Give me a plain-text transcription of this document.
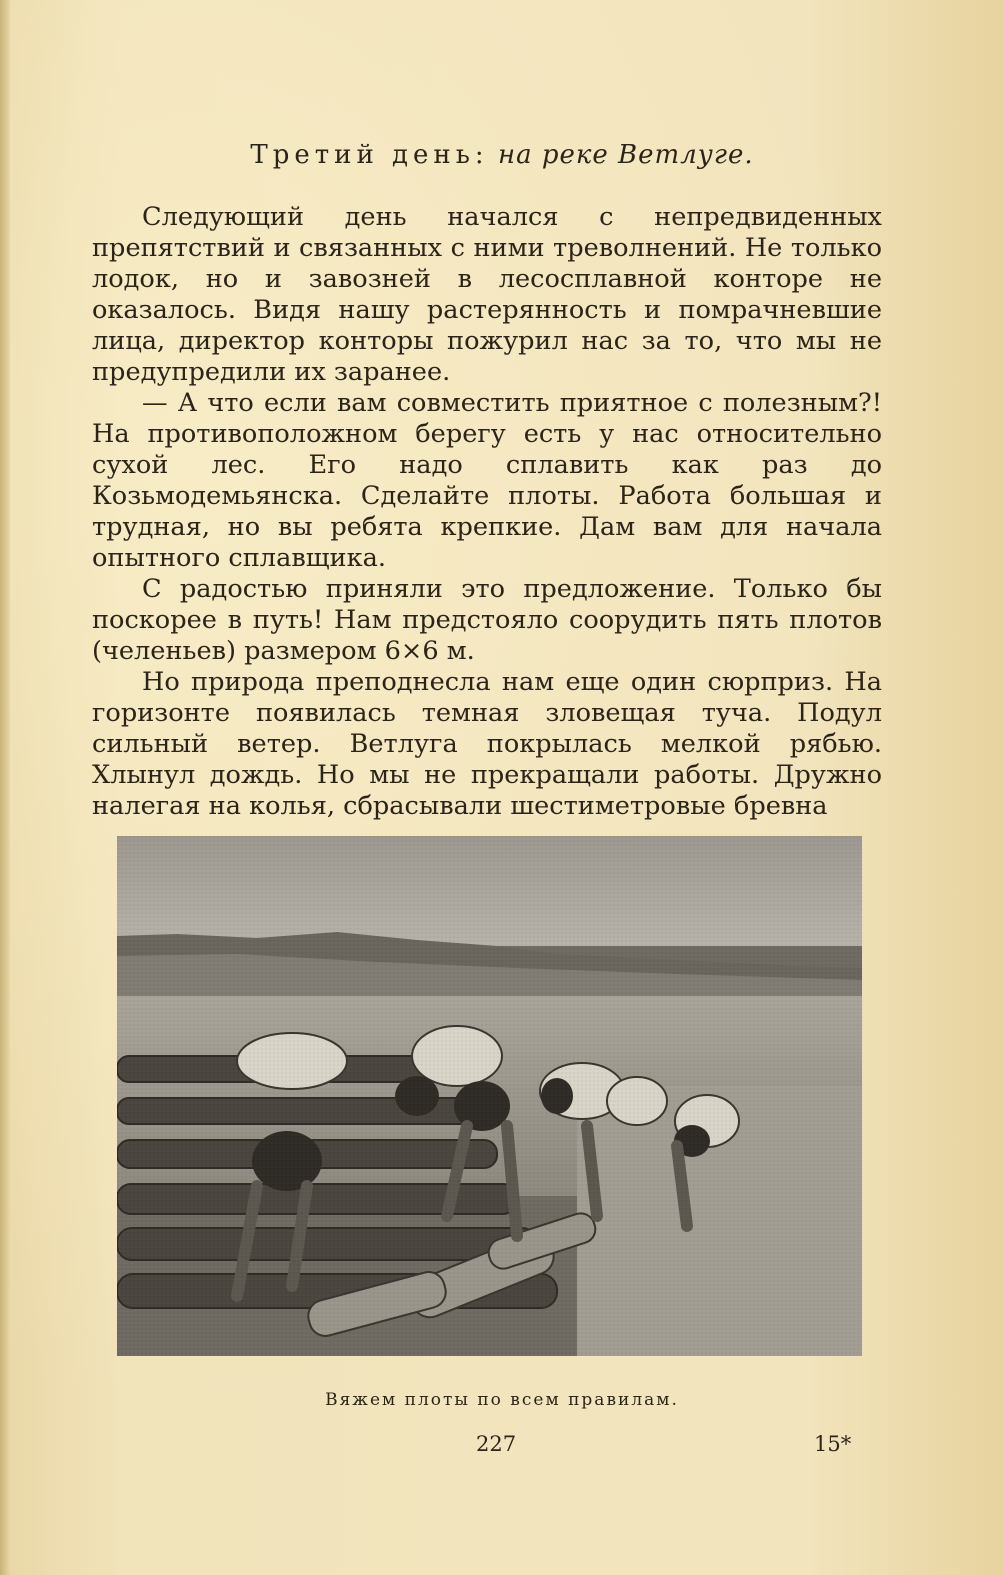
Третий день: на реке Ветлуге.

Следующий день начался с непредвиденных препятствий и связанных с ними треволнений. Не только лодок, но и завозней в лесосплавной конторе не оказалось. Видя нашу растерянность и помрачневшие лица, директор конторы пожурил нас за то, что мы не предупредили их заранее.

— А что если вам совместить приятное с полезным?! На противоположном берегу есть у нас относительно сухой лес. Его надо сплавить как раз до Козьмодемьянска. Сделайте плоты. Работа большая и трудная, но вы ребята крепкие. Дам вам для начала опытного сплавщика.

С радостью приняли это предложение. Только бы поскорее в путь! Нам предстояло соорудить пять плотов (челеньев) размером 6×6 м.

Но природа преподнесла нам еще один сюрприз. На горизонте появилась темная зловещая туча. Подул сильный ветер. Ветлуга покрылась мелкой рябью. Хлынул дождь. Но мы не прекращали работы. Дружно налегая на колья, сбрасывали шестиметровые бревна

Вяжем плоты по всем правилам.
227	15*
